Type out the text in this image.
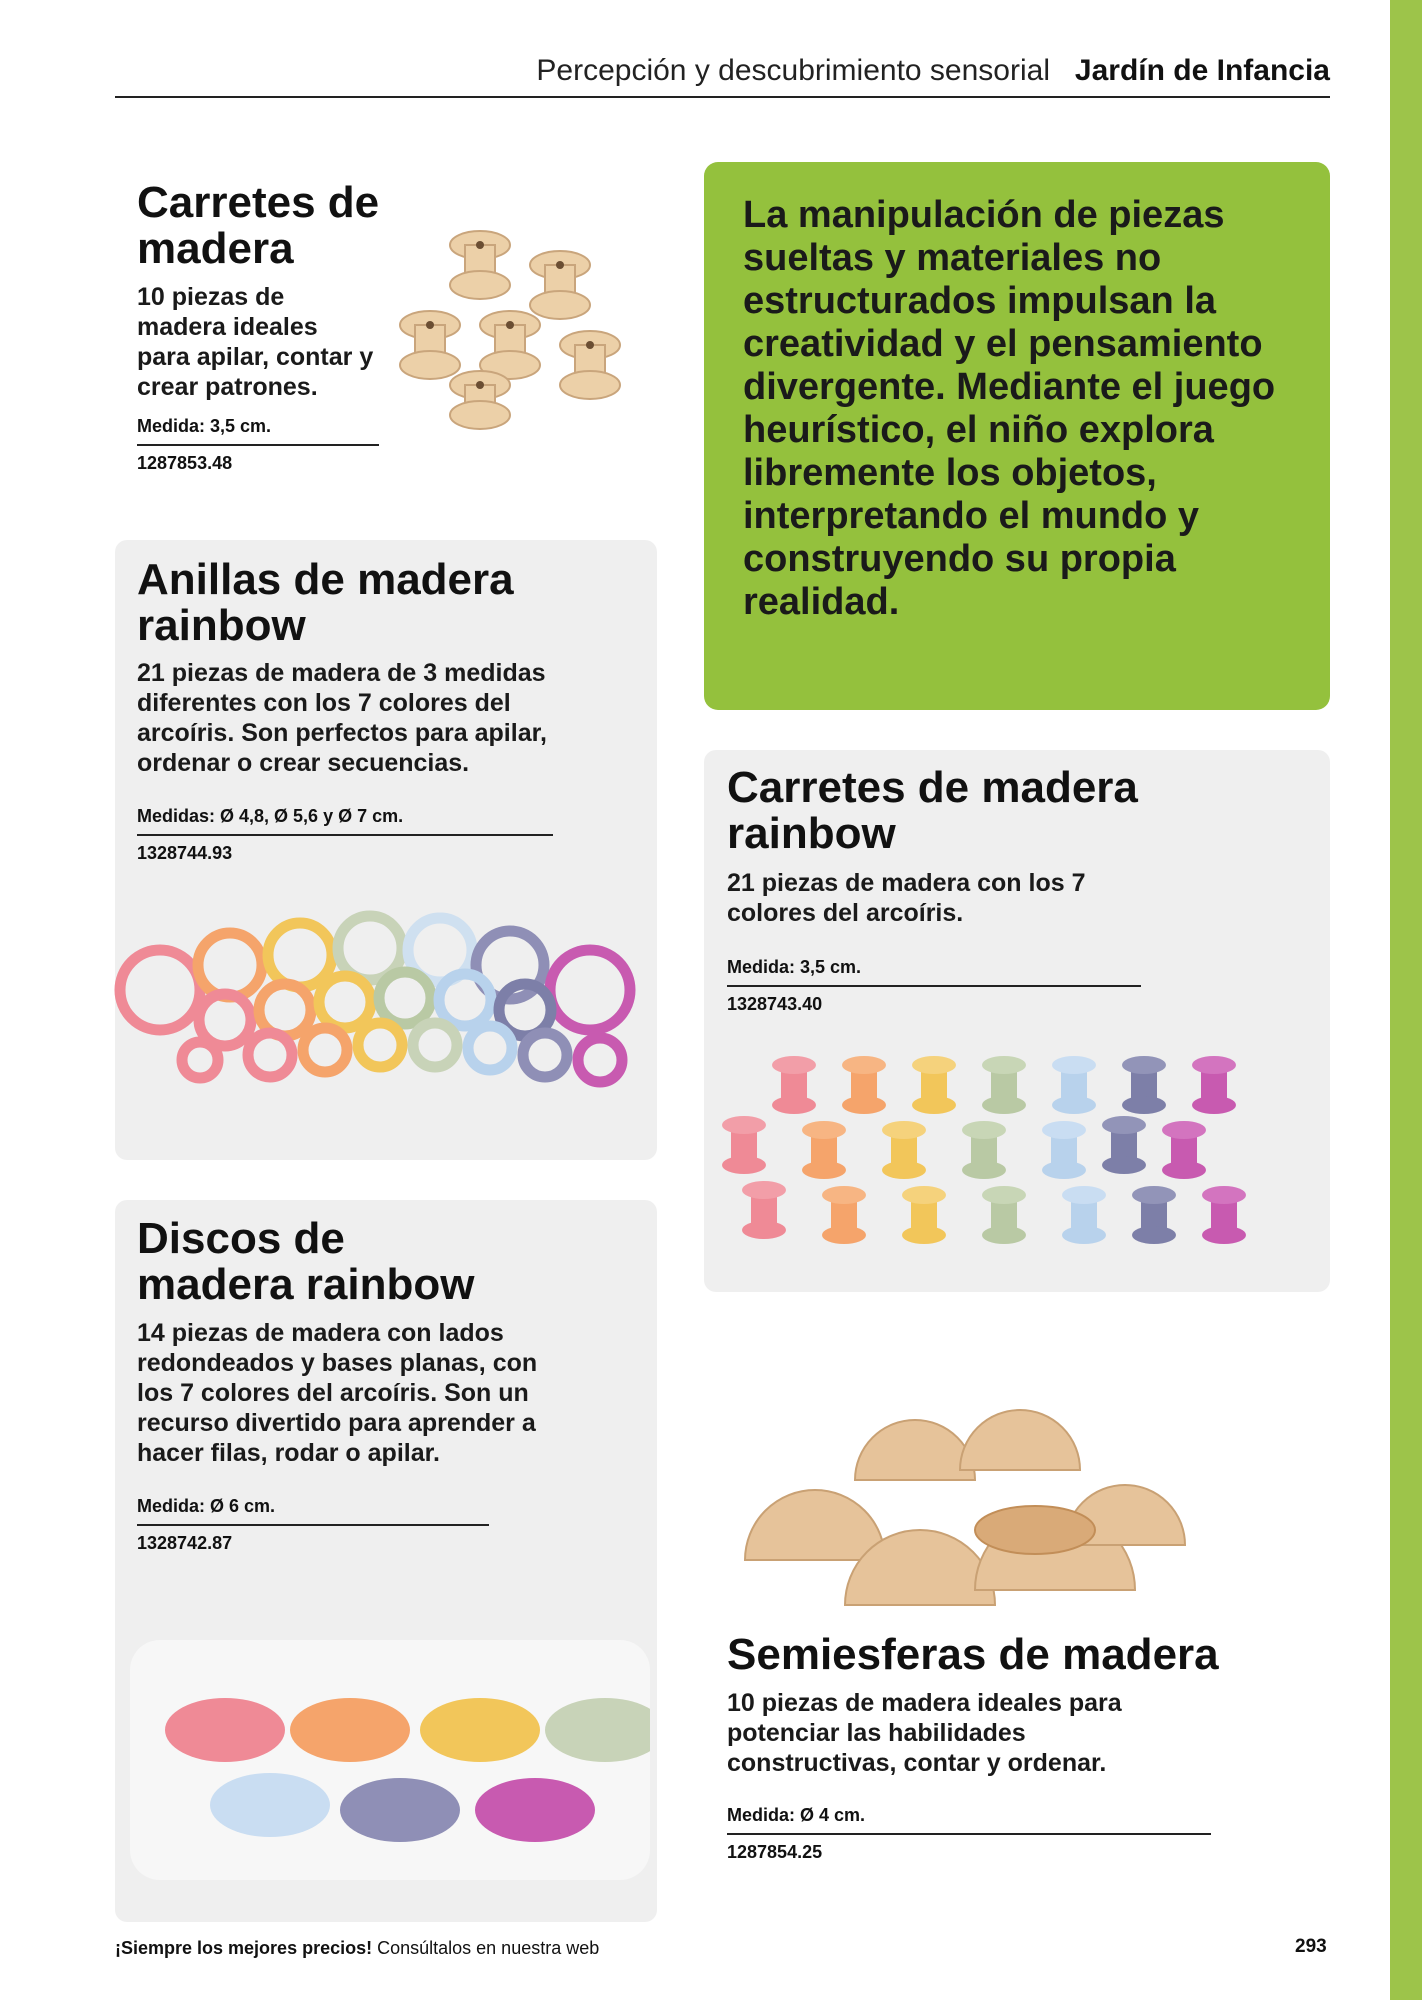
Percepción y descubrimiento sensorial Jardín de Infancia
Carretes de madera

10 piezas de madera ideales para apilar, contar y crear patrones.

Medida: 3,5 cm.

1287853.48

La manipulación de piezas sueltas y materiales no estructurados impulsan la creatividad y el pensamiento divergente. Mediante el juego heurístico, el niño explora libremente los objetos, interpretando el mundo y construyendo su propia realidad.

Anillas de madera rainbow

21 piezas de madera de 3 medidas diferentes con los 7 colores del arcoíris. Son perfectos para apilar, ordenar o crear secuencias.

Medidas: Ø 4,8, Ø 5,6 y Ø 7 cm.

1328744.93

Carretes de madera rainbow

21 piezas de madera con los 7 colores del arcoíris.

Medida: 3,5 cm.

1328743.40

Discos de madera rainbow

14 piezas de madera con lados redondeados y bases planas, con los 7 colores del arcoíris. Son un recurso divertido para aprender a hacer filas, rodar o apilar.

Medida: Ø 6 cm.

1328742.87

Semiesferas de madera

10 piezas de madera ideales para potenciar las habilidades constructivas, contar y ordenar.

Medida: Ø 4 cm.

1287854.25

¡Siempre los mejores precios! Consúltalos en nuestra web	293
